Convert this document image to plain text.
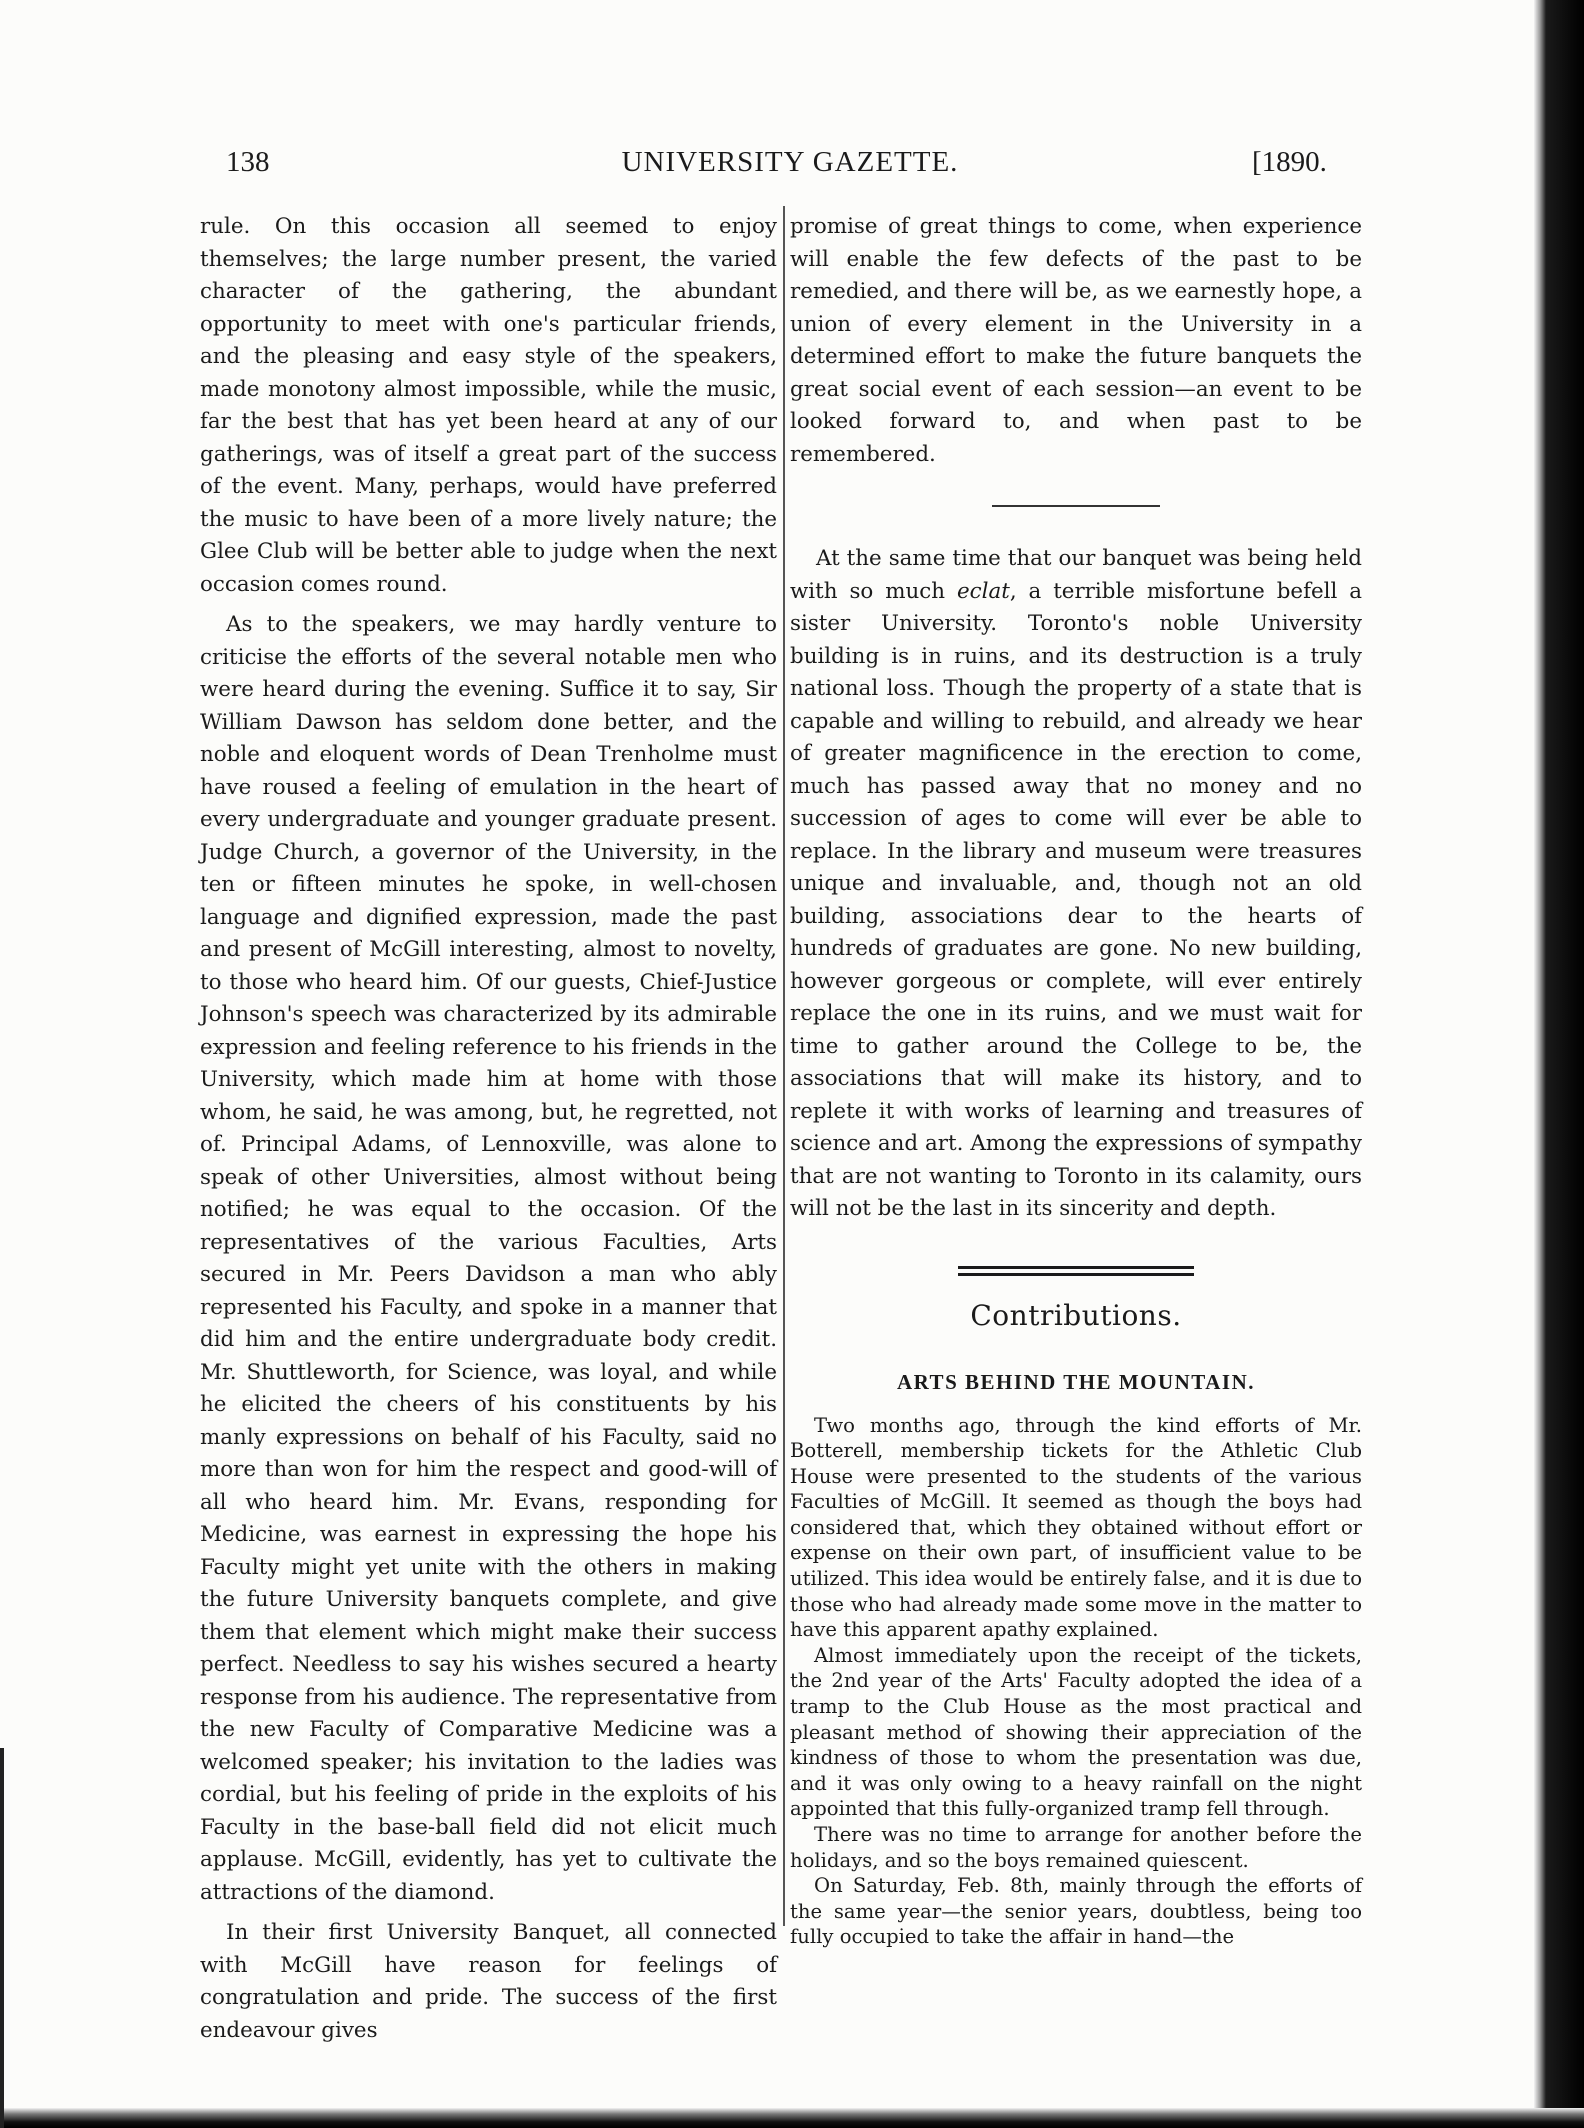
138	UNIVERSITY GAZETTE.	[1890.

rule. On this occasion all seemed to enjoy themselves; the large number present, the varied character of the gathering, the abundant opportunity to meet with one's particular friends, and the pleasing and easy style of the speakers, made monotony almost impossible, while the music, far the best that has yet been heard at any of our gatherings, was of itself a great part of the success of the event. Many, perhaps, would have preferred the music to have been of a more lively nature; the Glee Club will be better able to judge when the next occasion comes round.

As to the speakers, we may hardly venture to criticise the efforts of the several notable men who were heard during the evening. Suffice it to say, Sir William Dawson has seldom done better, and the noble and eloquent words of Dean Trenholme must have roused a feeling of emulation in the heart of every undergraduate and younger graduate present. Judge Church, a governor of the University, in the ten or fifteen minutes he spoke, in well-chosen language and dignified expression, made the past and present of McGill interesting, almost to novelty, to those who heard him. Of our guests, Chief-Justice Johnson's speech was characterized by its admirable expression and feeling reference to his friends in the University, which made him at home with those whom, he said, he was among, but, he regretted, not of. Principal Adams, of Lennoxville, was alone to speak of other Universities, almost without being notified; he was equal to the occasion. Of the representatives of the various Faculties, Arts secured in Mr. Peers Davidson a man who ably represented his Faculty, and spoke in a manner that did him and the entire undergraduate body credit. Mr. Shuttleworth, for Science, was loyal, and while he elicited the cheers of his constituents by his manly expressions on behalf of his Faculty, said no more than won for him the respect and good-will of all who heard him. Mr. Evans, responding for Medicine, was earnest in expressing the hope his Faculty might yet unite with the others in making the future University banquets complete, and give them that element which might make their success perfect. Needless to say his wishes secured a hearty response from his audience. The representative from the new Faculty of Comparative Medicine was a welcomed speaker; his invitation to the ladies was cordial, but his feeling of pride in the exploits of his Faculty in the base-ball field did not elicit much applause. McGill, evidently, has yet to cultivate the attractions of the diamond.

In their first University Banquet, all connected with McGill have reason for feelings of congratulation and pride. The success of the first endeavour gives

promise of great things to come, when experience will enable the few defects of the past to be remedied, and there will be, as we earnestly hope, a union of every element in the University in a determined effort to make the future banquets the great social event of each session—an event to be looked forward to, and when past to be remembered.

At the same time that our banquet was being held with so much eclat, a terrible misfortune befell a sister University. Toronto's noble University building is in ruins, and its destruction is a truly national loss. Though the property of a state that is capable and willing to rebuild, and already we hear of greater magnificence in the erection to come, much has passed away that no money and no succession of ages to come will ever be able to replace. In the library and museum were treasures unique and invaluable, and, though not an old building, associations dear to the hearts of hundreds of graduates are gone. No new building, however gorgeous or complete, will ever entirely replace the one in its ruins, and we must wait for time to gather around the College to be, the associations that will make its history, and to replete it with works of learning and treasures of science and art. Among the expressions of sympathy that are not wanting to Toronto in its calamity, ours will not be the last in its sincerity and depth.

Contributions.
ARTS BEHIND THE MOUNTAIN.

Two months ago, through the kind efforts of Mr. Botterell, membership tickets for the Athletic Club House were presented to the students of the various Faculties of McGill. It seemed as though the boys had considered that, which they obtained without effort or expense on their own part, of insufficient value to be utilized. This idea would be entirely false, and it is due to those who had already made some move in the matter to have this apparent apathy explained.

Almost immediately upon the receipt of the tickets, the 2nd year of the Arts' Faculty adopted the idea of a tramp to the Club House as the most practical and pleasant method of showing their appreciation of the kindness of those to whom the presentation was due, and it was only owing to a heavy rainfall on the night appointed that this fully-organized tramp fell through.

There was no time to arrange for another before the holidays, and so the boys remained quiescent.

On Saturday, Feb. 8th, mainly through the efforts of the same year—the senior years, doubtless, being too fully occupied to take the affair in hand—the
